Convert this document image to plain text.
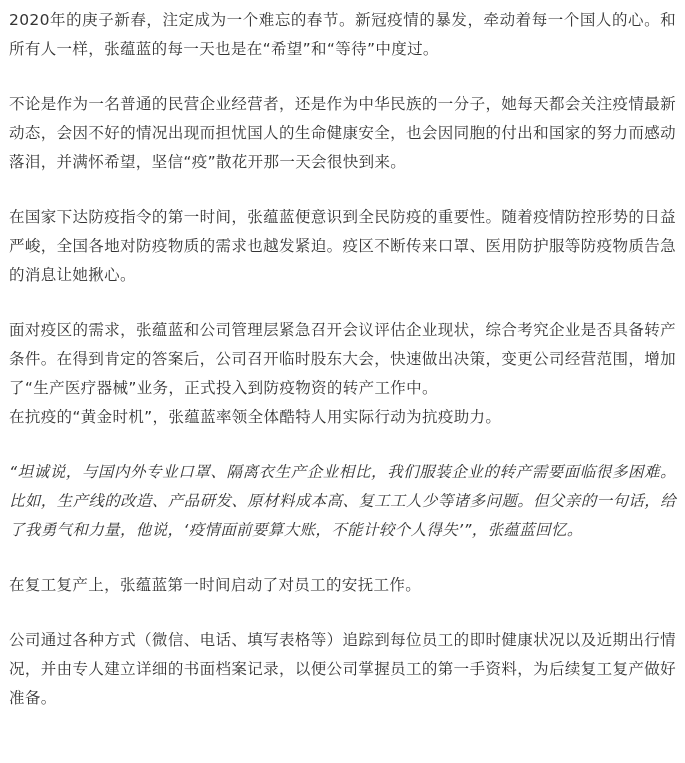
2020年的庚子新春，注定成为一个难忘的春节。新冠疫情的暴发，牵动着每一个国人的心。和所有人一样，张蕴蓝的每一天也是在“希望”和“等待”中度过。

不论是作为一名普通的民营企业经营者，还是作为中华民族的一分子，她每天都会关注疫情最新动态，会因不好的情况出现而担忧国人的生命健康安全，也会因同胞的付出和国家的努力而感动落泪，并满怀希望，坚信“疫”散花开那一天会很快到来。

在国家下达防疫指令的第一时间，张蕴蓝便意识到全民防疫的重要性。随着疫情防控形势的日益严峻，全国各地对防疫物质的需求也越发紧迫。疫区不断传来口罩、医用防护服等防疫物质告急的消息让她揪心。

面对疫区的需求，张蕴蓝和公司管理层紧急召开会议评估企业现状，综合考究企业是否具备转产条件。在得到肯定的答案后，公司召开临时股东大会，快速做出决策，变更公司经营范围，增加了“生产医疗器械”业务，正式投入到防疫物资的转产工作中。

在抗疫的“黄金时机”，张蕴蓝率领全体酷特人用实际行动为抗疫助力。

“坦诚说，与国内外专业口罩、隔离衣生产企业相比，我们服装企业的转产需要面临很多困难。比如，生产线的改造、产品研发、原材料成本高、复工工人少等诸多问题。但父亲的一句话，给了我勇气和力量，他说，‘疫情面前要算大账，不能计较个人得失’”，张蕴蓝回忆。

在复工复产上，张蕴蓝第一时间启动了对员工的安抚工作。

公司通过各种方式（微信、电话、填写表格等）追踪到每位员工的即时健康状况以及近期出行情况，并由专人建立详细的书面档案记录，以便公司掌握员工的第一手资料，为后续复工复产做好准备。
